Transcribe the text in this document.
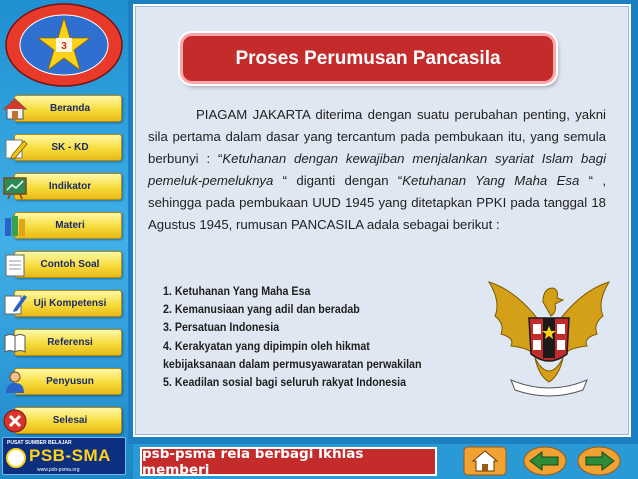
3
Beranda
SK - KD
Indikator
Materi
Contoh Soal
Uji Kompetensi
Referensi
Penyusun
Selesai
PUSAT SUMBER BELAJAR
PSB-SMA
www.psb-psma.org
Proses Perumusan Pancasila
PIAGAM JAKARTA diterima dengan suatu perubahan penting, yakni sila pertama dalam dasar yang tercantum pada pembukaan itu, yang semula berbunyi : “Ketuhanan dengan kewajiban menjalankan syariat Islam bagi pemeluk-pemeluknya “ diganti dengan “Ketuhanan Yang Maha Esa “ , sehingga pada pembukaan UUD 1945 yang ditetapkan PPKI pada tanggal 18 Agustus 1945, rumusan PANCASILA adala sebagai berikut :
1. Ketuhanan Yang Maha Esa
2. Kemanusiaan yang adil dan beradab
3. Persatuan Indonesia
4. Kerakyatan yang dipimpin oleh hikmat
kebijaksanaan dalam permusyawaratan perwakilan
5. Keadilan sosial bagi seluruh rakyat Indonesia
psb-psma rela berbagi Ikhlas memberi
